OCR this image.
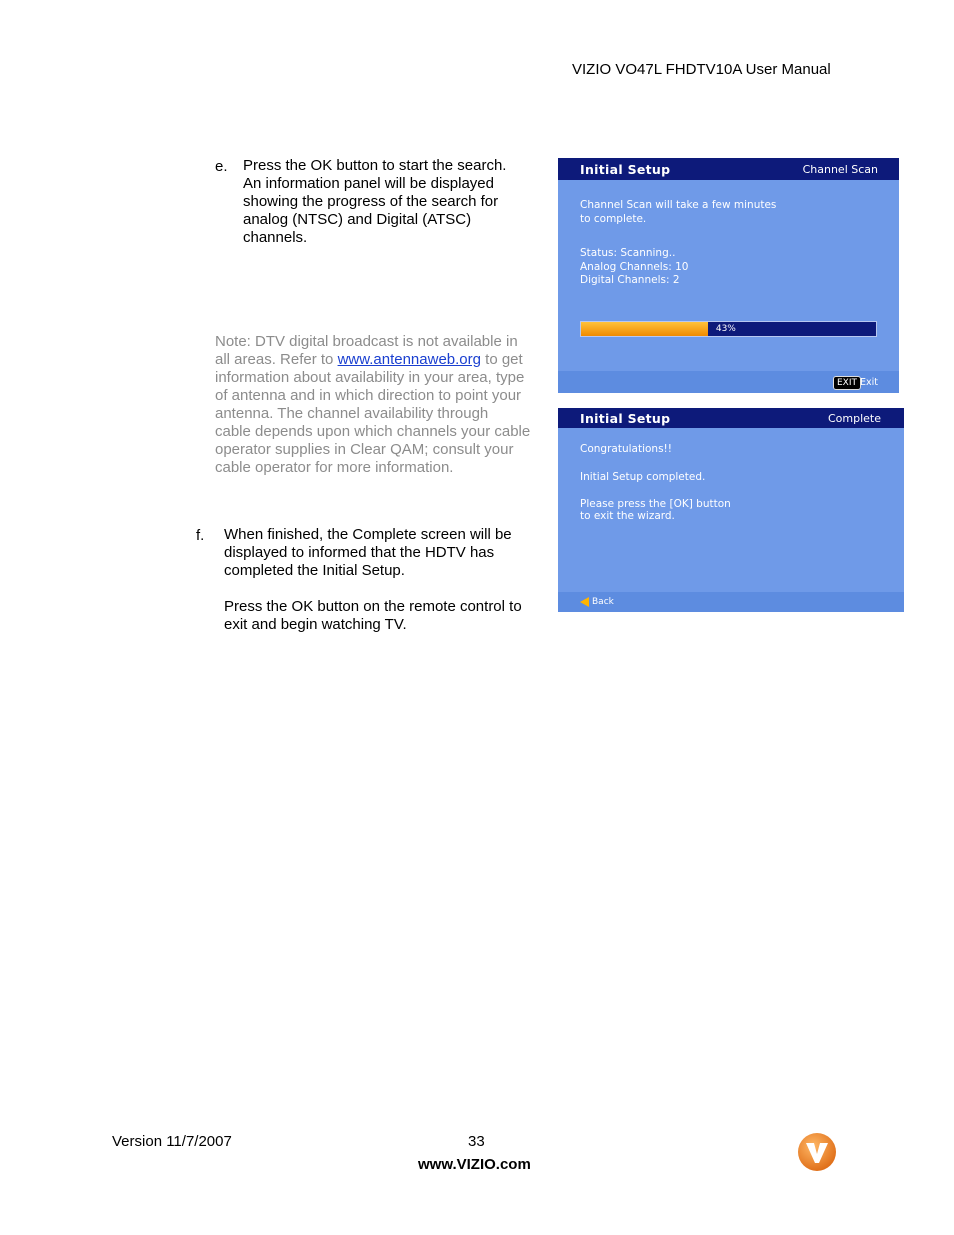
VIZIO VO47L FHDTV10A User Manual
e. Press the OK button to start the search.
An information panel will be displayed
showing the progress of the search for
analog (NTSC) and Digital (ATSC)
channels.
Note: DTV digital broadcast is not available in
all areas. Refer to www.antennaweb.org to get
information about availability in your area, type
of antenna and in which direction to point your
antenna. The channel availability through
cable depends upon which channels your cable
operator supplies in Clear QAM; consult your
cable operator for more information.
f. When finished, the Complete screen will be
displayed to informed that the HDTV has
completed the Initial Setup.
Press the OK button on the remote control to
exit and begin watching TV.
Initial Setup	Channel Scan
Channel Scan will take a few minutes
to complete.
Status: Scanning..
Analog Channels: 10
Digital Channels: 2
43%
EXIT Exit
Initial Setup	Complete
Congratulations!!
Initial Setup completed.
Please press the [OK] button
to exit the wizard.
Back
Version 11/7/2007	33
www.VIZIO.com
